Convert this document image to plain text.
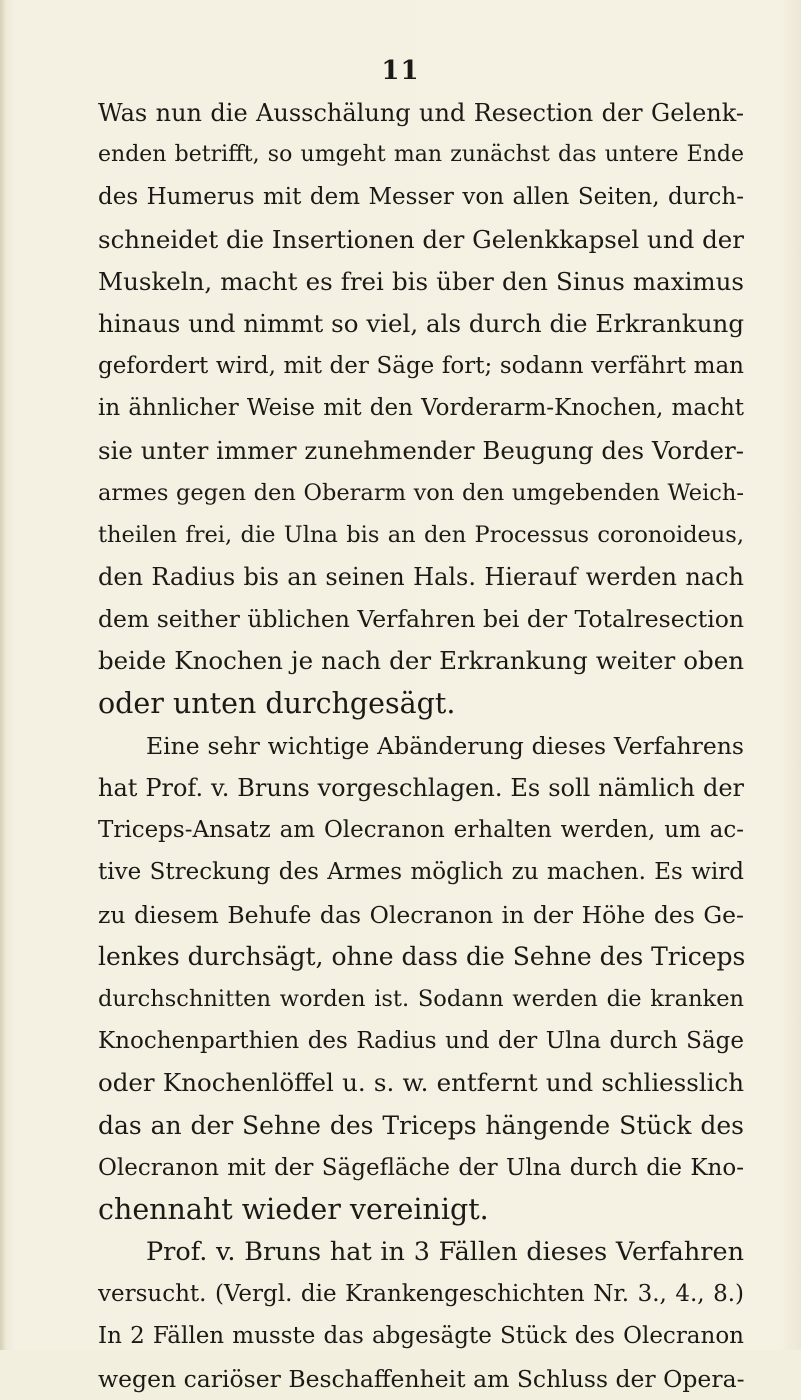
11
Was nun die Ausschälung und Resection der Gelenk-
enden betrifft, so umgeht man zunächst das untere Ende
des Humerus mit dem Messer von allen Seiten, durch-
schneidet die Insertionen der Gelenkkapsel und der
Muskeln, macht es frei bis über den Sinus maximus
hinaus und nimmt so viel, als durch die Erkrankung
gefordert wird, mit der Säge fort; sodann verfährt man
in ähnlicher Weise mit den Vorderarm-Knochen, macht
sie unter immer zunehmender Beugung des Vorder-
armes gegen den Oberarm von den umgebenden Weich-
theilen frei, die Ulna bis an den Processus coronoideus,
den Radius bis an seinen Hals. Hierauf werden nach
dem seither üblichen Verfahren bei der Totalresection
beide Knochen je nach der Erkrankung weiter oben
oder unten durchgesägt.
Eine sehr wichtige Abänderung dieses Verfahrens
hat Prof. v. Bruns vorgeschlagen. Es soll nämlich der
Triceps-Ansatz am Olecranon erhalten werden, um ac-
tive Streckung des Armes möglich zu machen. Es wird
zu diesem Behufe das Olecranon in der Höhe des Ge-
lenkes durchsägt, ohne dass die Sehne des Triceps
durchschnitten worden ist. Sodann werden die kranken
Knochenparthien des Radius und der Ulna durch Säge
oder Knochenlöffel u. s. w. entfernt und schliesslich
das an der Sehne des Triceps hängende Stück des
Olecranon mit der Sägefläche der Ulna durch die Kno-
chennaht wieder vereinigt.
Prof. v. Bruns hat in 3 Fällen dieses Verfahren
versucht. (Vergl. die Krankengeschichten Nr. 3., 4., 8.)
In 2 Fällen musste das abgesägte Stück des Olecranon
wegen cariöser Beschaffenheit am Schluss der Opera-
